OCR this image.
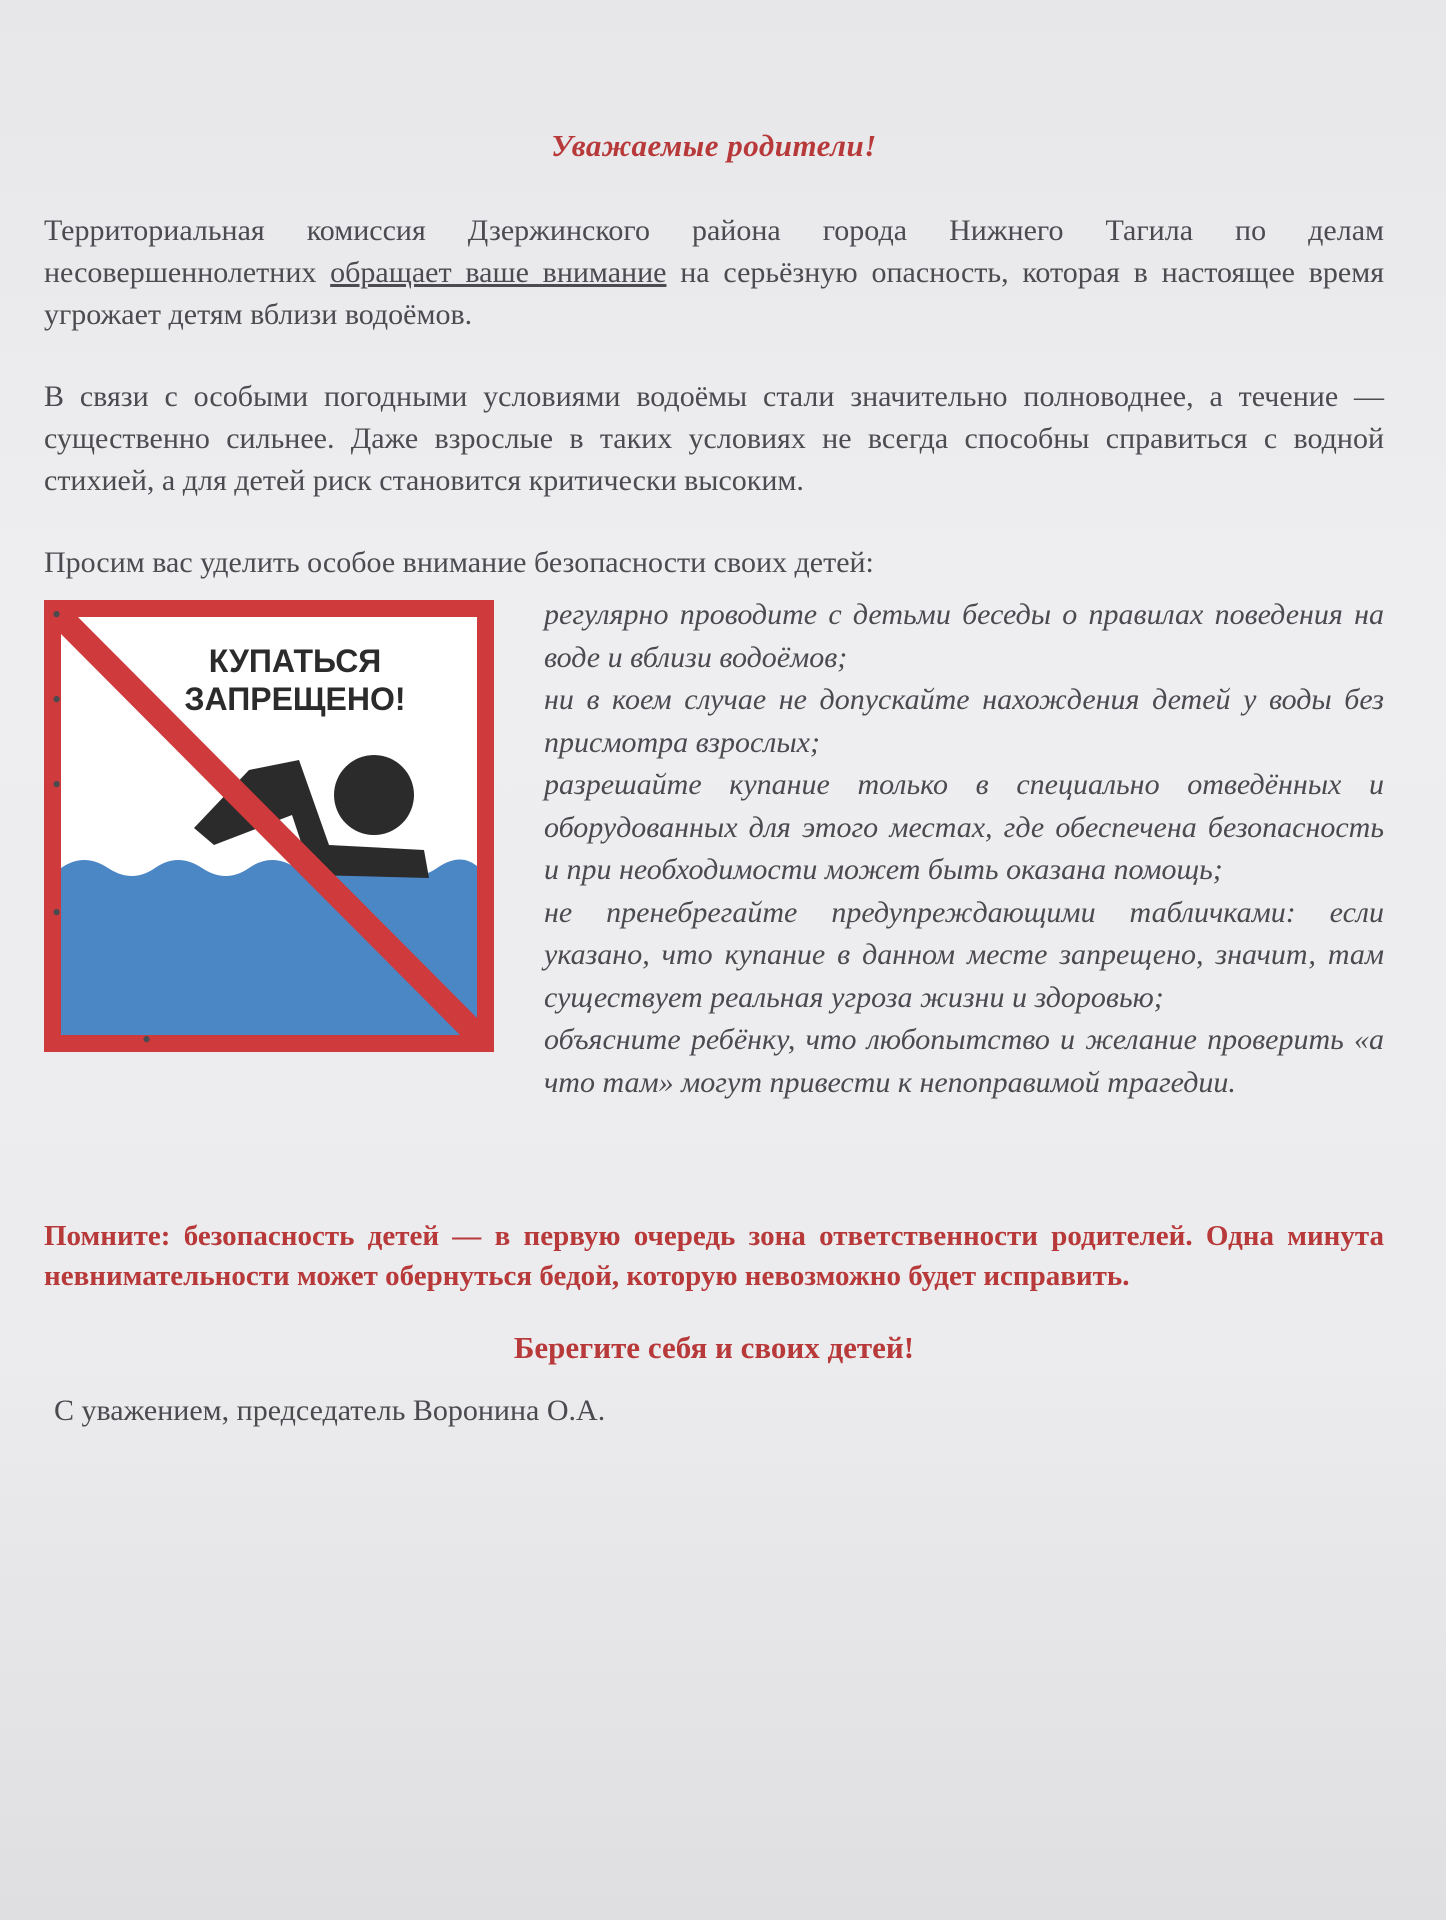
Уважаемые родители!

Территориальная комиссия Дзержинского района города Нижнего Тагила по делам несовершеннолетних обращает ваше внимание на серьёзную опасность, которая в настоящее время угрожает детям вблизи водоёмов.

В связи с особыми погодными условиями водоёмы стали значительно полноводнее, а течение — существенно сильнее. Даже взрослые в таких условиях не всегда способны справиться с водной стихией, а для детей риск становится критически высоким.

Просим вас уделить особое внимание безопасности своих детей:

КУПАТЬСЯ
ЗАПРЕЩЕНО!
•	регулярно проводите с детьми беседы о правилах поведения на воде и вблизи водоёмов;
•	ни в коем случае не допускайте нахождения детей у воды без присмотра взрослых;
•	разрешайте купание только в специально отведённых и оборудованных для этого местах, где обеспечена безопасность и при необходимости может быть оказана помощь;
•	не пренебрегайте предупреждающими табличками: если указано, что купание в данном месте запрещено, значит, там существует реальная угроза жизни и здоровью;
•	объясните ребёнку, что любопытство и желание проверить «а что там» могут привести к непоправимой трагедии.
Помните: безопасность детей — в первую очередь зона ответственности родителей. Одна минута невнимательности может обернуться бедой, которую невозможно будет исправить.
Берегите себя и своих детей!
С уважением, председатель Воронина О.А.
